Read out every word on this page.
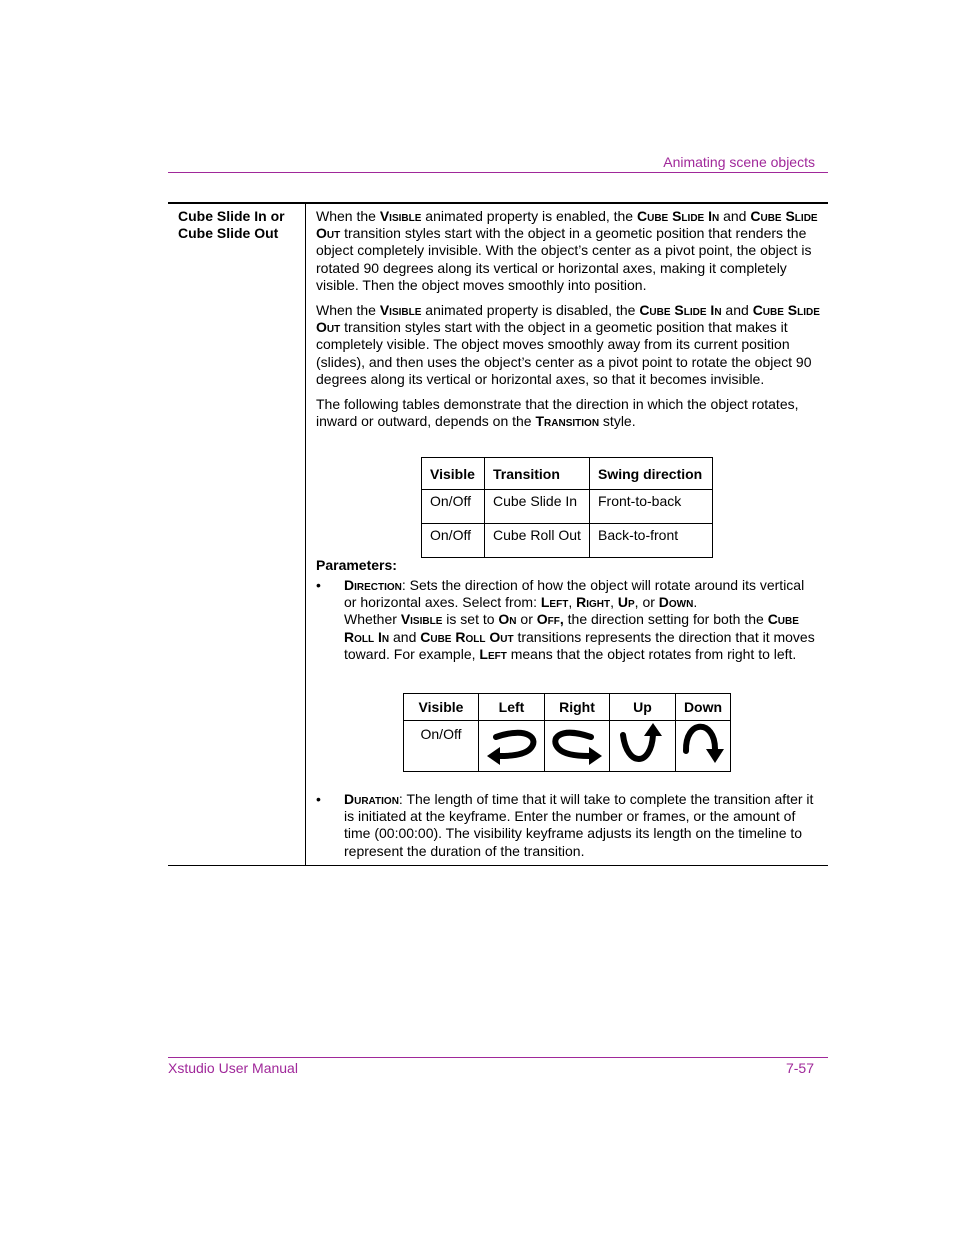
Animating scene objects
Cube Slide In or Cube Slide Out

When the Visible animated property is enabled, the Cube Slide In and Cube Slide Out transition styles start with the object in a geometic position that renders the object completely invisible. With the object’s center as a pivot point, the object is rotated 90 degrees along its vertical or horizontal axes, making it completely visible. Then the object moves smoothly into position.

When the Visible animated property is disabled, the Cube Slide In and Cube Slide Out transition styles start with the object in a geometic position that makes it completely visible. The object moves smoothly away from its current position (slides), and then uses the object’s center as a pivot point to rotate the object 90 degrees along its vertical or horizontal axes, so that it becomes invisible.

The following tables demonstrate that the direction in which the object rotates, inward or outward, depends on the Transition style.

Visible	Transition	Swing direction
On/Off	Cube Slide In	Front-to-back
On/Off	Cube Roll Out	Back-to-front
Parameters:
• Direction: Sets the direction of how the object will rotate around its vertical or horizontal axes. Select from: Left, Right, Up, or Down.
Whether Visible is set to On or Off, the direction setting for both the Cube Roll In and Cube Roll Out transitions represents the direction that it moves toward. For example, Left means that the object rotates from right to left.
Visible	Left	Right	Up	Down
On/Off	

• Duration: The length of time that it will take to complete the transition after it is initiated at the keyframe. Enter the number or frames, or the amount of time (00:00:00). The visibility keyframe adjusts its length on the timeline to represent the duration of the transition.
Xstudio User Manual	7-57
